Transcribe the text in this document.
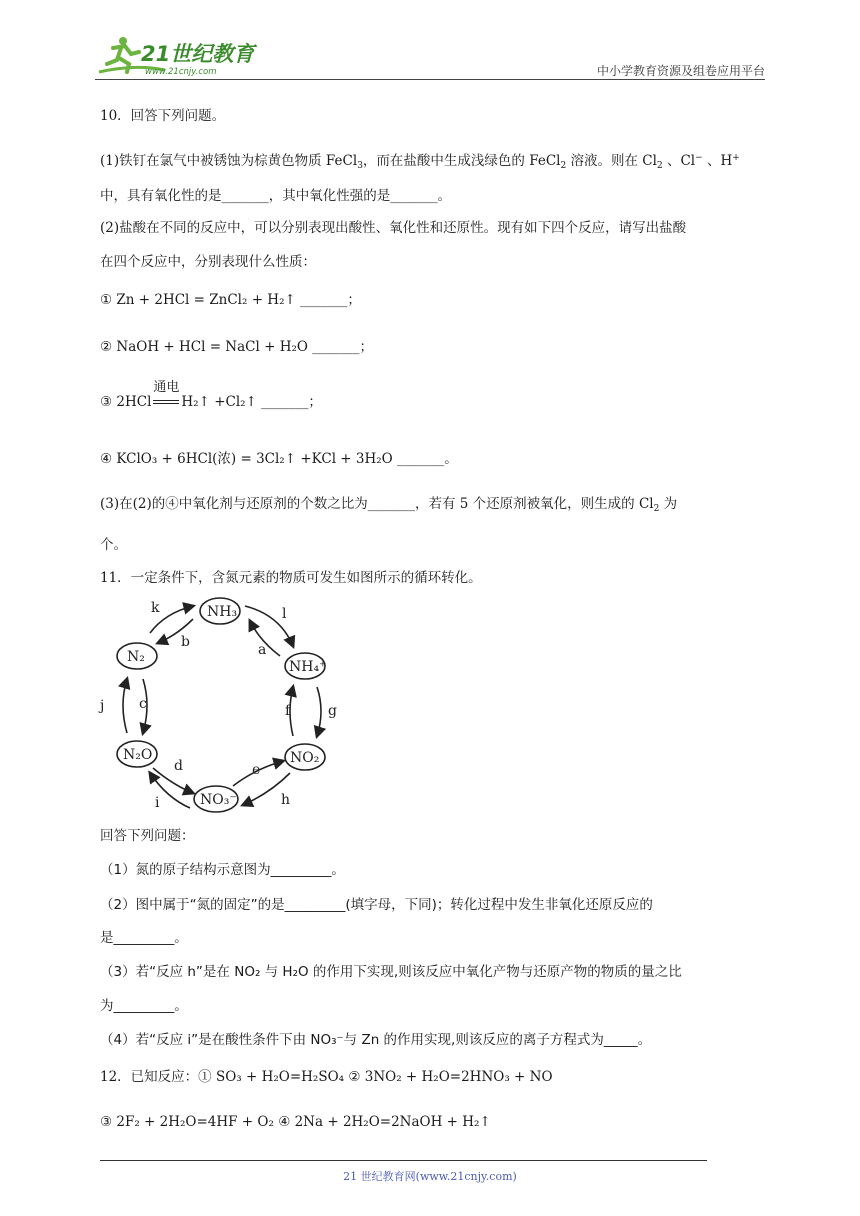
21世纪教育
www.21cnjy.com	中小学教育资源及组卷应用平台
10．回答下列问题。
(1)铁钉在氯气中被锈蚀为棕黄色物质 FeCl$_3$，而在盐酸中生成浅绿色的 FeCl$_2$ 溶液。则在 $Cl_2$ 、Cl− 、H+
中，具有氧化性的是_______，其中氧化性强的是_______。
(2)盐酸在不同的反应中，可以分别表现出酸性、氧化性和还原性。现有如下四个反应，请写出盐酸
在四个反应中，分别表现什么性质：
① Zn + 2HCl = ZnCl₂ + H₂↑ _______；
② NaOH + HCl = NaCl + H₂O _______；
③ 2HCl
通电
H₂↑ +Cl₂↑ _______；
④ KClO₃ + 6HCl(浓) = 3Cl₂↑ +KCl + 3H₂O _______。
(3)在(2)的④中氧化剂与还原剂的个数之比为_______，若有 5 个还原剂被氧化，则生成的 $Cl_2$ 为
个。
11．一定条件下，含氮元素的物质可发生如图所示的循环转化。
NH₃
NH₄⁺
NO₂
NO₃⁻
N₂O
N₂
k
b
l
a
j c	f	g
d
i
e
h
回答下列问题：
（1）氮的原子结构示意图为_________。
（2）图中属于“氮的固定”的是_________(填字母，下同)；转化过程中发生非氧化还原反应的
是_________。
（3）若“反应 h”是在 NO₂ 与 H₂O 的作用下实现,则该反应中氧化产物与还原产物的物质的量之比
为_________。
（4）若“反应 i”是在酸性条件下由 NO₃⁻与 Zn 的作用实现,则该反应的离子方程式为_____。
12．已知反应：① SO₃ + H₂O=H₂SO₄ ② 3NO₂ + H₂O=2HNO₃ + NO
③ 2F₂ + 2H₂O=4HF + O₂ ④ 2Na + 2H₂O=2NaOH + H₂↑
21 世纪教育网(www.21cnjy.com)
